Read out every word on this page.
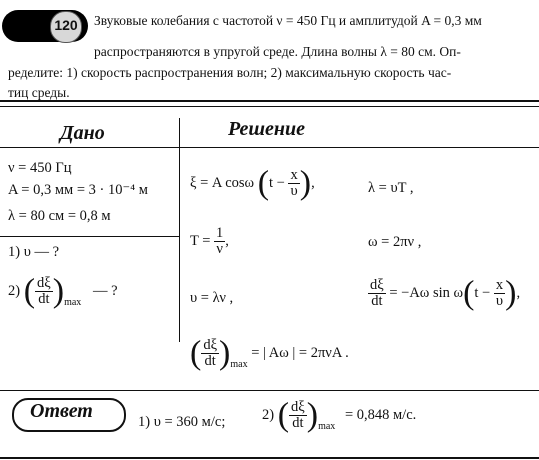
120	Звуковые колебания с частотой ν = 450 Гц и амплитудой A = 0,3 мм
распространяются в упругой среде. Длина волны λ = 80 см. Оп-
ределите: 1) скорость распространения волн; 2) максимальную скорость час-
тиц среды.
Дано	Решение
ν = 450 Гц
A = 0,3 мм = 3 · 10⁻⁴ м
λ = 80 см = 0,8 м
1) υ — ?
2) ( $\frac{d\xi}{dt} )_{max}$ — ?
ξ = A cosω ($t - \frac{x}{\upsilon}$ ),	λ = υT ,
$T = \frac{1}{\nu}$ ,	ω = 2πν ,
υ = λν ,	$\frac{d\xi}{dt} = -A\omega$ $\sin \omega(t - \frac{x}{\upsilon}$ ),
( $\frac{d\xi}{dt} )_{max}$ = | Aω | = 2πνA .
Ответ	1) υ = 360 м/с;	2) ( $\frac{d\xi}{dt} )_{max} = 0,848$ м/с.
